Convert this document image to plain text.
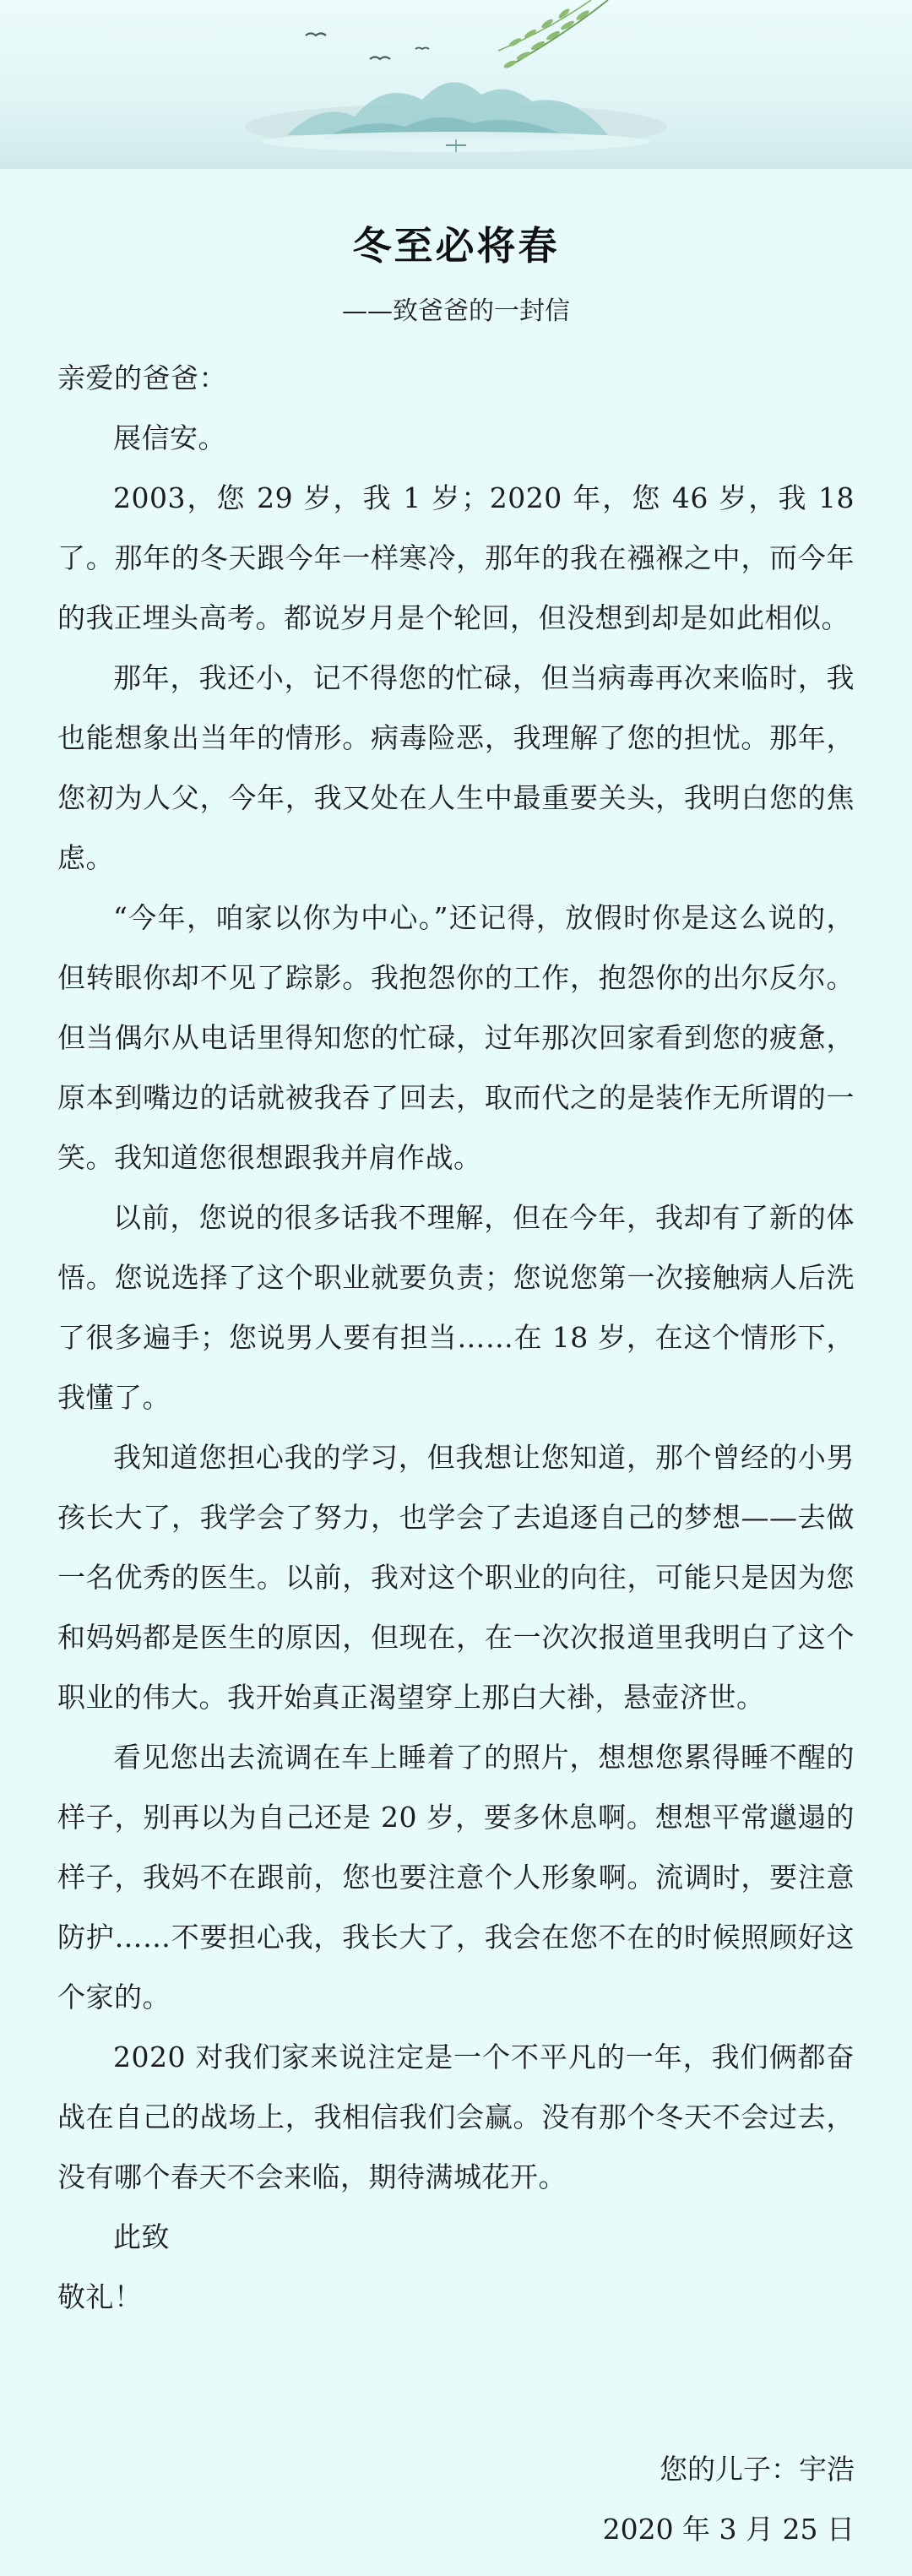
冬至必将春
——致爸爸的一封信

亲爱的爸爸：

展信安。

2003，您 29 岁，我 1 岁；2020 年，您 46 岁，我 18 了。那年的冬天跟今年一样寒冷，那年的我在襁褓之中，而今年的我正埋头高考。都说岁月是个轮回，但没想到却是如此相似。

那年，我还小，记不得您的忙碌，但当病毒再次来临时，我也能想象出当年的情形。病毒险恶，我理解了您的担忧。那年，您初为人父，今年，我又处在人生中最重要关头，我明白您的焦虑。

“今年，咱家以你为中心。”还记得，放假时你是这么说的，但转眼你却不见了踪影。我抱怨你的工作，抱怨你的出尔反尔。但当偶尔从电话里得知您的忙碌，过年那次回家看到您的疲惫，原本到嘴边的话就被我吞了回去，取而代之的是装作无所谓的一笑。我知道您很想跟我并肩作战。

以前，您说的很多话我不理解，但在今年，我却有了新的体悟。您说选择了这个职业就要负责；您说您第一次接触病人后洗了很多遍手；您说男人要有担当……在 18 岁，在这个情形下，我懂了。

我知道您担心我的学习，但我想让您知道，那个曾经的小男孩长大了，我学会了努力，也学会了去追逐自己的梦想——去做一名优秀的医生。以前，我对这个职业的向往，可能只是因为您和妈妈都是医生的原因，但现在，在一次次报道里我明白了这个职业的伟大。我开始真正渴望穿上那白大褂，悬壶济世。

看见您出去流调在车上睡着了的照片，想想您累得睡不醒的样子，别再以为自己还是 20 岁，要多休息啊。想想平常邋遢的样子，我妈不在跟前，您也要注意个人形象啊。流调时，要注意防护……不要担心我，我长大了，我会在您不在的时候照顾好这个家的。

2020 对我们家来说注定是一个不平凡的一年，我们俩都奋战在自己的战场上，我相信我们会赢。没有那个冬天不会过去，没有哪个春天不会来临，期待满城花开。

此致

敬礼！

您的儿子：宇浩
2020 年 3 月 25 日
